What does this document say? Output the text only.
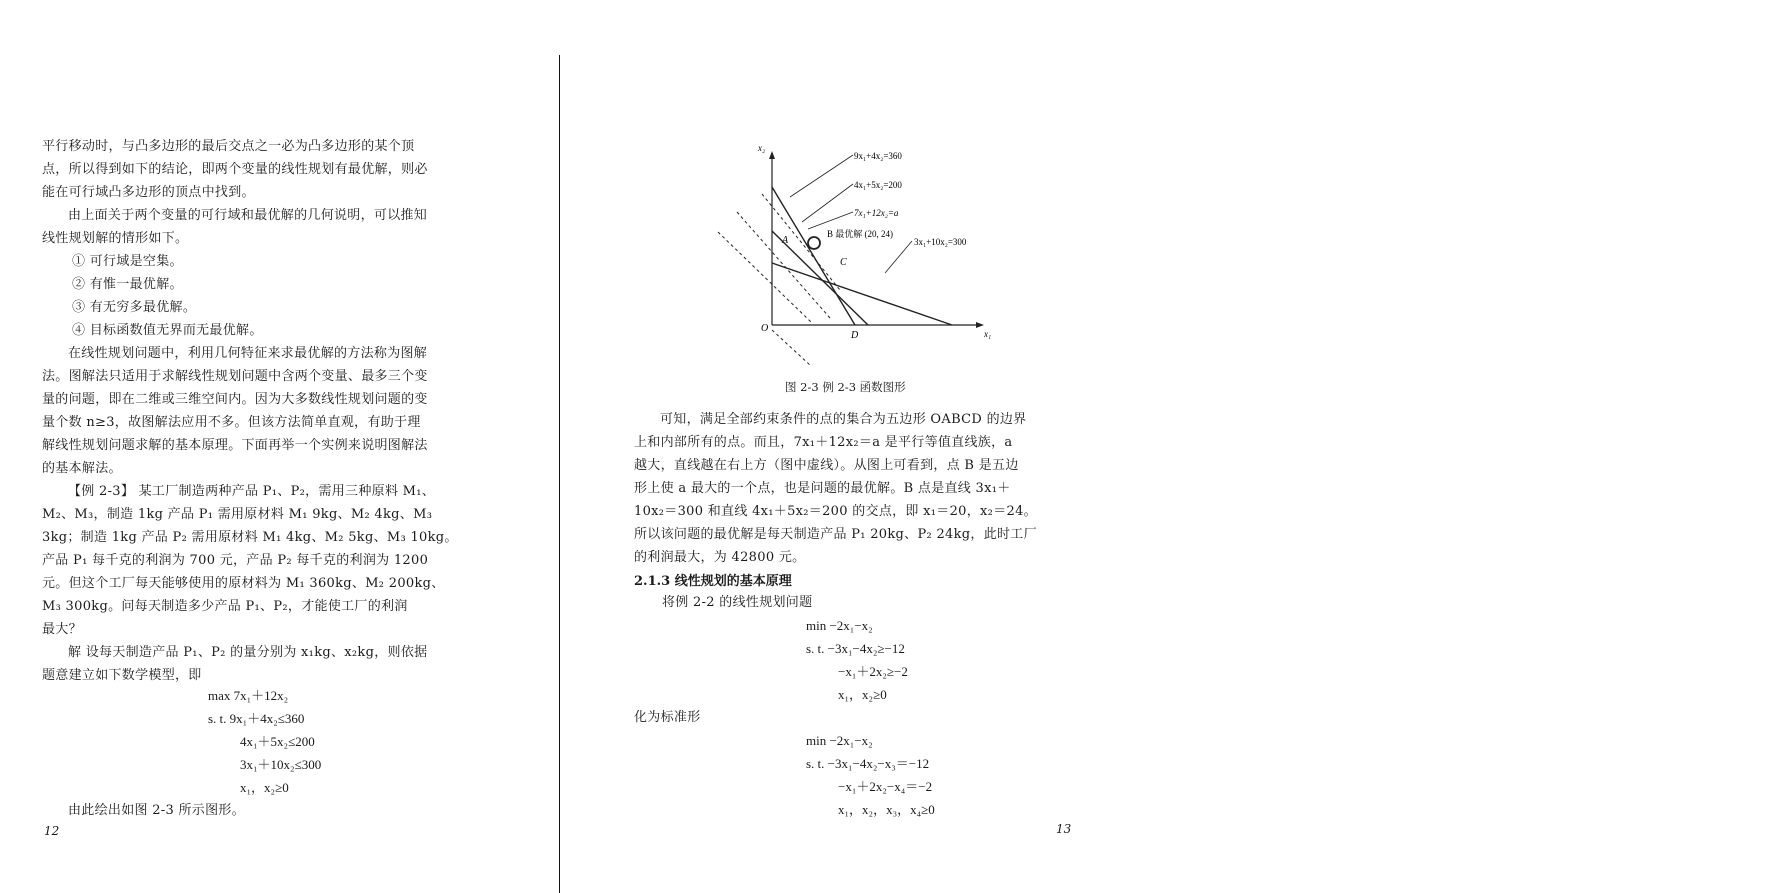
平行移动时，与凸多边形的最后交点之一必为凸多边形的某个顶
点，所以得到如下的结论，即两个变量的线性规划有最优解，则必
能在可行域凸多边形的顶点中找到。
由上面关于两个变量的可行域和最优解的几何说明，可以推知
线性规划解的情形如下。
① 可行域是空集。
② 有惟一最优解。
③ 有无穷多最优解。
④ 目标函数值无界而无最优解。
在线性规划问题中，利用几何特征来求最优解的方法称为图解
法。图解法只适用于求解线性规划问题中含两个变量、最多三个变
量的问题，即在二维或三维空间内。因为大多数线性规划问题的变
量个数 n≥3，故图解法应用不多。但该方法简单直观，有助于理
解线性规划问题求解的基本原理。下面再举一个实例来说明图解法
的基本解法。
【例 2-3】 某工厂制造两种产品 P₁、P₂，需用三种原料 M₁、
M₂、M₃，制造 1kg 产品 P₁ 需用原材料 M₁ 9kg、M₂ 4kg、M₃
3kg；制造 1kg 产品 P₂ 需用原材料 M₁ 4kg、M₂ 5kg、M₃ 10kg。
产品 P₁ 每千克的利润为 700 元，产品 P₂ 每千克的利润为 1200
元。但这个工厂每天能够使用的原材料为 M₁ 360kg、M₂ 200kg、
M₃ 300kg。问每天制造多少产品 P₁、P₂，才能使工厂的利润
最大？
解 设每天制造产品 P₁、P₂ 的量分别为 x₁kg、x₂kg，则依据
题意建立如下数学模型，即
max 7x₁＋12x₂
s. t. 9x₁＋4x₂≤360
4x₁＋5x₂≤200
3x₁＋10x₂≤300
x₁，x₂≥0
由此绘出如图 2-3 所示图形。
12
9x₁+4x₂=360
4x₁+5x₂=200
7x₁+12x₂=a
B 最优解 (20, 24)
3x₁+10x₂=300
x₂
x₁
A
C
O
D
图 2-3 例 2-3 函数图形
可知，满足全部约束条件的点的集合为五边形 OABCD 的边界
上和内部所有的点。而且，7x₁＋12x₂＝a 是平行等值直线族，a
越大，直线越在右上方（图中虚线）。从图上可看到，点 B 是五边
形上使 a 最大的一个点，也是问题的最优解。B 点是直线 3x₁＋
10x₂＝300 和直线 4x₁＋5x₂＝200 的交点，即 x₁＝20，x₂＝24。
所以该问题的最优解是每天制造产品 P₁ 20kg、P₂ 24kg，此时工厂
的利润最大，为 42800 元。
2.1.3 线性规划的基本原理
将例 2-2 的线性规划问题
min −2x₁−x₂
s. t. −3x₁−4x₂≥−12
−x₁＋2x₂≥−2
x₁，x₂≥0
化为标准形
min −2x₁−x₂
s. t. −3x₁−4x₂−x₃＝−12
−x₁＋2x₂−x₄＝−2
x₁，x₂，x₃，x₄≥0
13
